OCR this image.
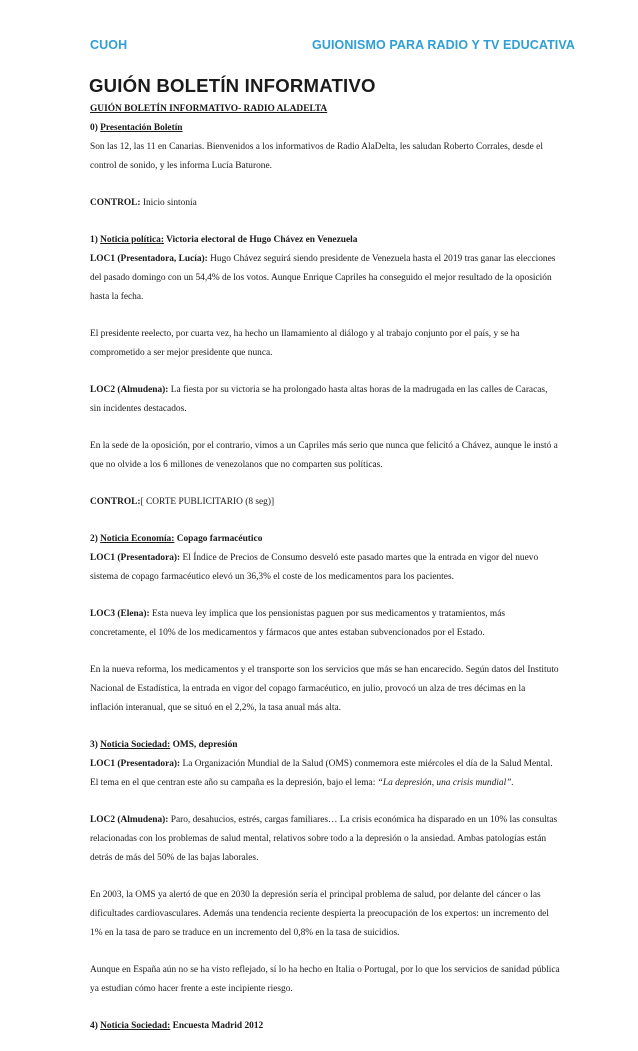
CUOH	GUIONISMO PARA RADIO Y TV EDUCATIVA
GUIÓN BOLETÍN INFORMATIVO

GUIÓN BOLETÍN INFORMATIVO- RADIO ALADELTA

0) Presentación Boletín

Son las 12, las 11 en Canarias. Bienvenidos a los informativos de Radio AlaDelta, les saludan Roberto Corrales, desde el control de sonido, y les informa Lucía Baturone.

CONTROL: Inicio sintonía

1) Noticia política: Victoria electoral de Hugo Chávez en Venezuela

LOC1 (Presentadora, Lucía): Hugo Chávez seguirá siendo presidente de Venezuela hasta el 2019 tras ganar las elecciones del pasado domingo con un 54,4% de los votos. Aunque Enrique Capriles ha conseguido el mejor resultado de la oposición hasta la fecha.

El presidente reelecto, por cuarta vez, ha hecho un llamamiento al diálogo y al trabajo conjunto por el país, y se ha comprometido a ser mejor presidente que nunca.

LOC2 (Almudena): La fiesta por su victoria se ha prolongado hasta altas horas de la madrugada en las calles de Caracas, sin incidentes destacados.

En la sede de la oposición, por el contrario, vimos a un Capriles más serio que nunca que felicitó a Chávez, aunque le instó a que no olvide a los 6 millones de venezolanos que no comparten sus políticas.

CONTROL:[ CORTE PUBLICITARIO (8 seg)]

2) Noticia Economía: Copago farmacéutico

LOC1 (Presentadora): El Índice de Precios de Consumo desveló este pasado martes que la entrada en vigor del nuevo sistema de copago farmacéutico elevó un 36,3% el coste de los medicamentos para los pacientes.

LOC3 (Elena): Esta nueva ley implica que los pensionistas paguen por sus medicamentos y tratamientos, más concretamente, el 10% de los medicamentos y fármacos que antes estaban subvencionados por el Estado.

En la nueva reforma, los medicamentos y el transporte son los servicios que más se han encarecido. Según datos del Instituto Nacional de Estadística, la entrada en vigor del copago farmacéutico, en julio, provocó un alza de tres décimas en la inflación interanual, que se situó en el 2,2%, la tasa anual más alta.

3) Noticia Sociedad: OMS, depresión

LOC1 (Presentadora): La Organización Mundial de la Salud (OMS) conmemora este miércoles el día de la Salud Mental. El tema en el que centran este año su campaña es la depresión, bajo el lema: “La depresión, una crisis mundial”.

LOC2 (Almudena): Paro, desahucios, estrés, cargas familiares… La crisis económica ha disparado en un 10% las consultas relacionadas con los problemas de salud mental, relativos sobre todo a la depresión o la ansiedad. Ambas patologías están detrás de más del 50% de las bajas laborales.

En 2003, la OMS ya alertó de que en 2030 la depresión sería el principal problema de salud, por delante del cáncer o las dificultades cardiovasculares. Además una tendencia reciente despierta la preocupación de los expertos: un incremento del 1% en la tasa de paro se traduce en un incremento del 0,8% en la tasa de suicidios.

Aunque en España aún no se ha visto reflejado, sí lo ha hecho en Italia o Portugal, por lo que los servicios de sanidad pública ya estudian cómo hacer frente a este incipiente riesgo.

4) Noticia Sociedad: Encuesta Madrid 2012
